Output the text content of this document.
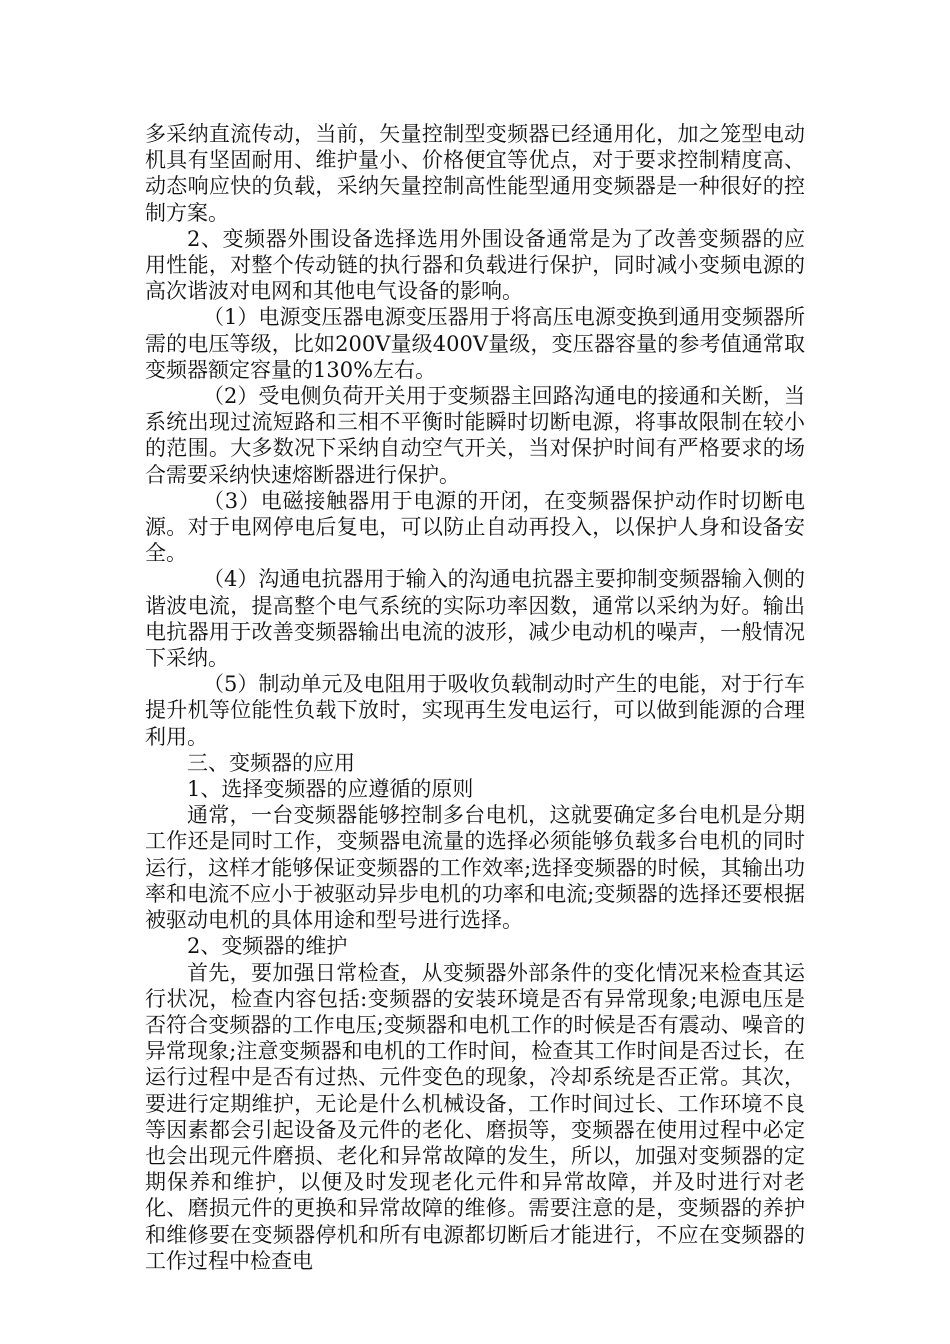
多采纳直流传动，当前，矢量控制型变频器已经通用化，加之笼型电动机具有坚固耐用、维护量小、价格便宜等优点，对于要求控制精度高、动态响应快的负载，采纳矢量控制高性能型通用变频器是一种很好的控制方案。

2、变频器外围设备选择选用外围设备通常是为了改善变频器的应用性能，对整个传动链的执行器和负载进行保护，同时减小变频电源的高次谐波对电网和其他电气设备的影响。

（1）电源变压器电源变压器用于将高压电源变换到通用变频器所需的电压等级，比如200V量级400V量级，变压器容量的参考值通常取变频器额定容量的130%左右。

（2）受电侧负荷开关用于变频器主回路沟通电的接通和关断，当系统出现过流短路和三相不平衡时能瞬时切断电源，将事故限制在较小的范围。大多数况下采纳自动空气开关，当对保护时间有严格要求的场合需要采纳快速熔断器进行保护。

（3）电磁接触器用于电源的开闭，在变频器保护动作时切断电源。对于电网停电后复电，可以防止自动再投入，以保护人身和设备安全。

（4）沟通电抗器用于输入的沟通电抗器主要抑制变频器输入侧的谐波电流，提高整个电气系统的实际功率因数，通常以采纳为好。输出电抗器用于改善变频器输出电流的波形，减少电动机的噪声，一般情况下采纳。

（5）制动单元及电阻用于吸收负载制动时产生的电能，对于行车提升机等位能性负载下放时，实现再生发电运行，可以做到能源的合理利用。

三、变频器的应用

1、选择变频器的应遵循的原则

通常，一台变频器能够控制多台电机，这就要确定多台电机是分期工作还是同时工作，变频器电流量的选择必须能够负载多台电机的同时运行，这样才能够保证变频器的工作效率;选择变频器的时候，其输出功率和电流不应小于被驱动异步电机的功率和电流;变频器的选择还要根据被驱动电机的具体用途和型号进行选择。

2、变频器的维护

首先，要加强日常检查，从变频器外部条件的变化情况来检查其运行状况，检查内容包括:变频器的安装环境是否有异常现象;电源电压是否符合变频器的工作电压;变频器和电机工作的时候是否有震动、噪音的异常现象;注意变频器和电机的工作时间，检查其工作时间是否过长，在运行过程中是否有过热、元件变色的现象，冷却系统是否正常。其次，要进行定期维护，无论是什么机械设备，工作时间过长、工作环境不良等因素都会引起设备及元件的老化、磨损等，变频器在使用过程中必定也会出现元件磨损、老化和异常故障的发生，所以，加强对变频器的定期保养和维护，以便及时发现老化元件和异常故障，并及时进行对老化、磨损元件的更换和异常故障的维修。需要注意的是，变频器的养护和维修要在变频器停机和所有电源都切断后才能进行，不应在变频器的工作过程中检查电
